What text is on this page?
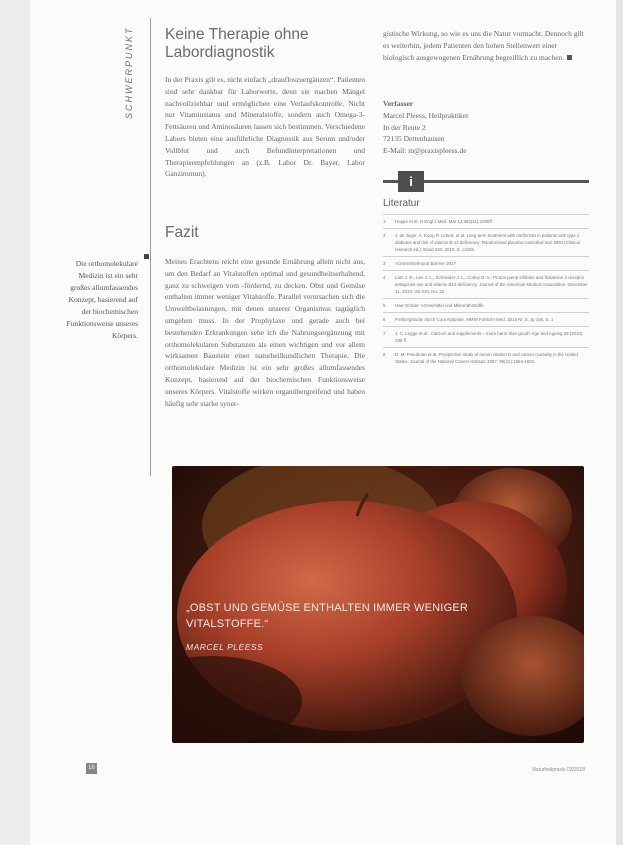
SCHWERPUNKT	Keine Therapie ohne Labordiagnostik
In der Praxis gilt es, nicht einfach „draufloszuergänzen“. Patienten sind sehr dankbar für Laborwerte, denn sie machen Mängel nachvollziehbar und ermöglichen eine Verlaufskontrolle. Nicht nur Vitaminstatus und Mineralstoffe, sondern auch Omega-3-Fettsäuren und Aminosäuren lassen sich bestimmen. Verschiedene Labors bieten eine ausführliche Diagnostik aus Serum und/oder Vollblut und auch Befundinterpretationen und Therapieempfehlungen an (z.B. Labor Dr. Bayer, Labor Ganzimmun).
Fazit
Die orthomolekulare Medizin ist ein sehr großes allumfassendes Konzept, basierend auf der biochemischen Funktionsweise unseres Körpers.
Meines Erachtens reicht eine gesunde Ernährung allein nicht aus, um den Bedarf an Vitalstoffen optimal und gesundheitserhaltend, ganz zu schweigen vom -fördernd, zu decken. Obst und Gemüse enthalten immer weniger Vitalstoffe. Parallel verursachen sich die Umweltbelastungen, mit denen unserer Organismus tagtäglich umgehen muss. In der Prophylaxe und gerade auch bei bestehenden Erkrankungen sehe ich die Nahrungsergänzung mit orthomolekularen Substanzen als einen wichtigen und vor allem wirksamen Baustein einer naturheilkundlichen Therapie. Die orthomolekulare Medizin ist ein sehr großes allumfassendes Konzept, basierend auf der biochemischen Funktionsweise unseres Körpers. Vitalstoffe wirken organübergreifend und haben häufig sehr starke syner-
gistische Wirkung, so wie es uns die Natur vormacht. Dennoch gilt es weiterhin, jedem Patienten den hohen Stellenwert einer biologisch ausgewogenen Ernährung begreiflich zu machen.
Verfasser
Marcel Pleess, Heilpraktiker
In der Reute 2
72135 Dettenhausen
E-Mail: m@praxispleess.de
i
Literatur
1 Hoppe et al. N Engl J Med. Mar 14;362(11):1050ff.
2 J. de Jager, A. Kooy, P. Lehert, et al. Long term treatment with metformin in patients with type 2 diabetes and risk of vitamin B-12 deficiency: Randomised placebo controlled trial. BMJ (Clinical research ed.), Band 340, 2010, S. c2181.
3 Arzneimittelreport Barmer 2017
4 Lam J. R., Lee J. L., Schneider J. L., Corley D. A.: Proton pump inhibitor and histamine 2 receptor antagonist use and vitamin B12 deficiency. Journal of the American Medical Association. December 11, 2013, Vol 310, No. 22.
5 Uwe Gröber: Arzneimittel und Mikronährstoffe
6 Freiburgstudie durch Cura Naturale. MMW Fortschr Med. 2014 Nr. 5, Jg 156, S. 1
7 J. C. Legge et al.: Calcium and supplements – more harm than good? Age and Ageing 39 (2010) 186 ff.
8 D. M. Freedman et al. Prospective study of serum vitamin D and cancer mortality in the United States. Journal of the National Cancer Institute 2007; 99(21):1594-1602.
„OBST UND GEMÜSE ENTHALTEN IMMER WENIGER VITALSTOFFE.“
MARCEL PLEESS
16	Naturheilpraxis 03/2018
